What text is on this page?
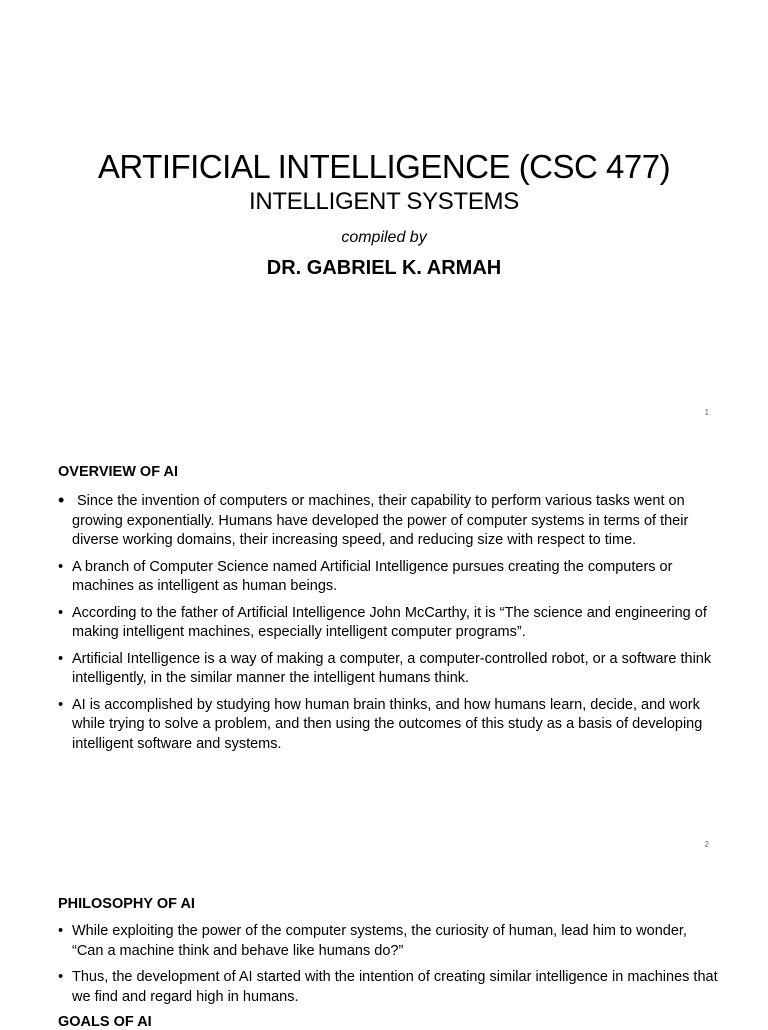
ARTIFICIAL INTELLIGENCE (CSC 477)
INTELLIGENT SYSTEMS
compiled by
DR. GABRIEL K. ARMAH
1
OVERVIEW OF AI
• Since the invention of computers or machines, their capability to perform various tasks went on growing exponentially. Humans have developed the power of computer systems in terms of their diverse working domains, their increasing speed, and reducing size with respect to time.
• A branch of Computer Science named Artificial Intelligence pursues creating the computers or machines as intelligent as human beings.
• According to the father of Artificial Intelligence John McCarthy, it is “The science and engineering of making intelligent machines, especially intelligent computer programs”.
• Artificial Intelligence is a way of making a computer, a computer-controlled robot, or a software think intelligently, in the similar manner the intelligent humans think.
• AI is accomplished by studying how human brain thinks, and how humans learn, decide, and work while trying to solve a problem, and then using the outcomes of this study as a basis of developing intelligent software and systems.
2
PHILOSOPHY OF AI
• While exploiting the power of the computer systems, the curiosity of human, lead him to wonder, “Can a machine think and behave like humans do?”
• Thus, the development of AI started with the intention of creating similar intelligence in machines that we find and regard high in humans.
GOALS OF AI
